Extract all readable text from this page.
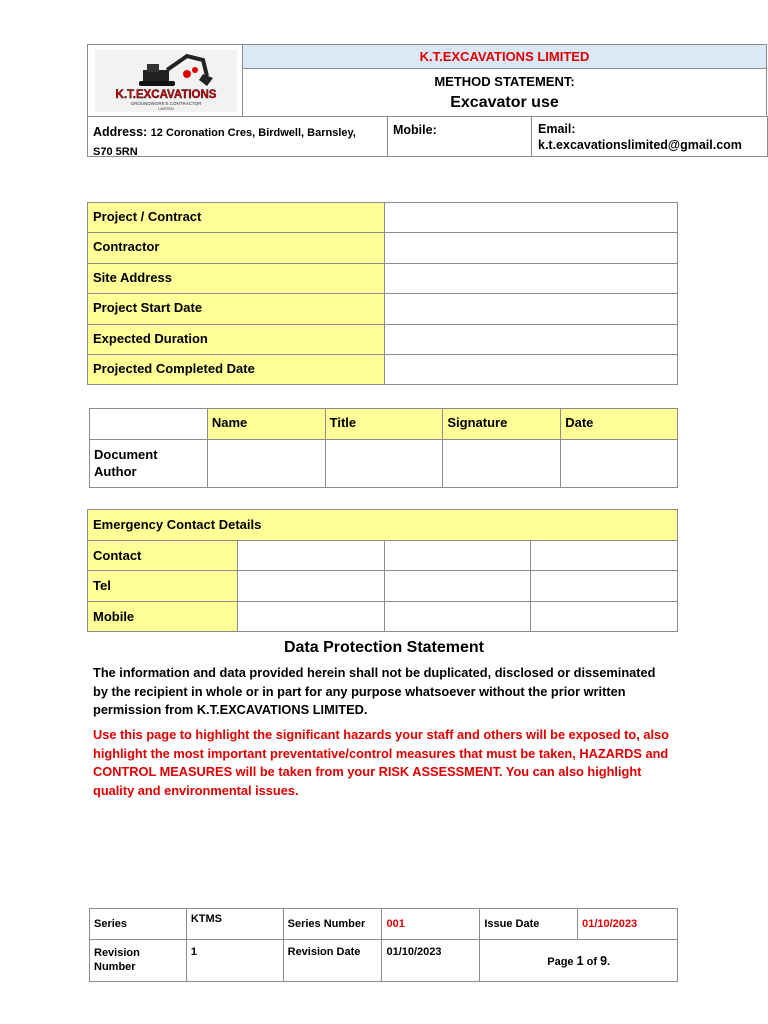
K.T.EXCAVATIONS
GROUNDWORK'S CONTRACTOR
LIMITED
K.T.EXCAVATIONS LIMITED
METHOD STATEMENT:
Excavator use
Address: 12 Coronation Cres, Birdwell, Barnsley,
S70 5RN
Mobile:	Email:
k.t.excavationslimited@gmail.com
Project / Contract	
Contractor	
Site Address	
Project Start Date	
Expected Duration	
Projected Completed Date	
	Name	Title	Signature	Date
Document Author				
Emergency Contact Details			
Contact			
Tel			
Mobile			
Data Protection Statement
The information and data provided herein shall not be duplicated, disclosed or disseminated by the recipient in whole or in part for any purpose whatsoever without the prior written permission from K.T.EXCAVATIONS LIMITED.
Use this page to highlight the significant hazards your staff and others will be exposed to, also highlight the most important preventative/control measures that must be taken, HAZARDS and CONTROL MEASURES will be taken from your RISK ASSESSMENT. You can also highlight quality and environmental issues.
Series	KTMS	Series Number	001	Issue Date	01/10/2023
Revision Number	1	Revision Date	01/10/2023	Page 1 of 9.	
